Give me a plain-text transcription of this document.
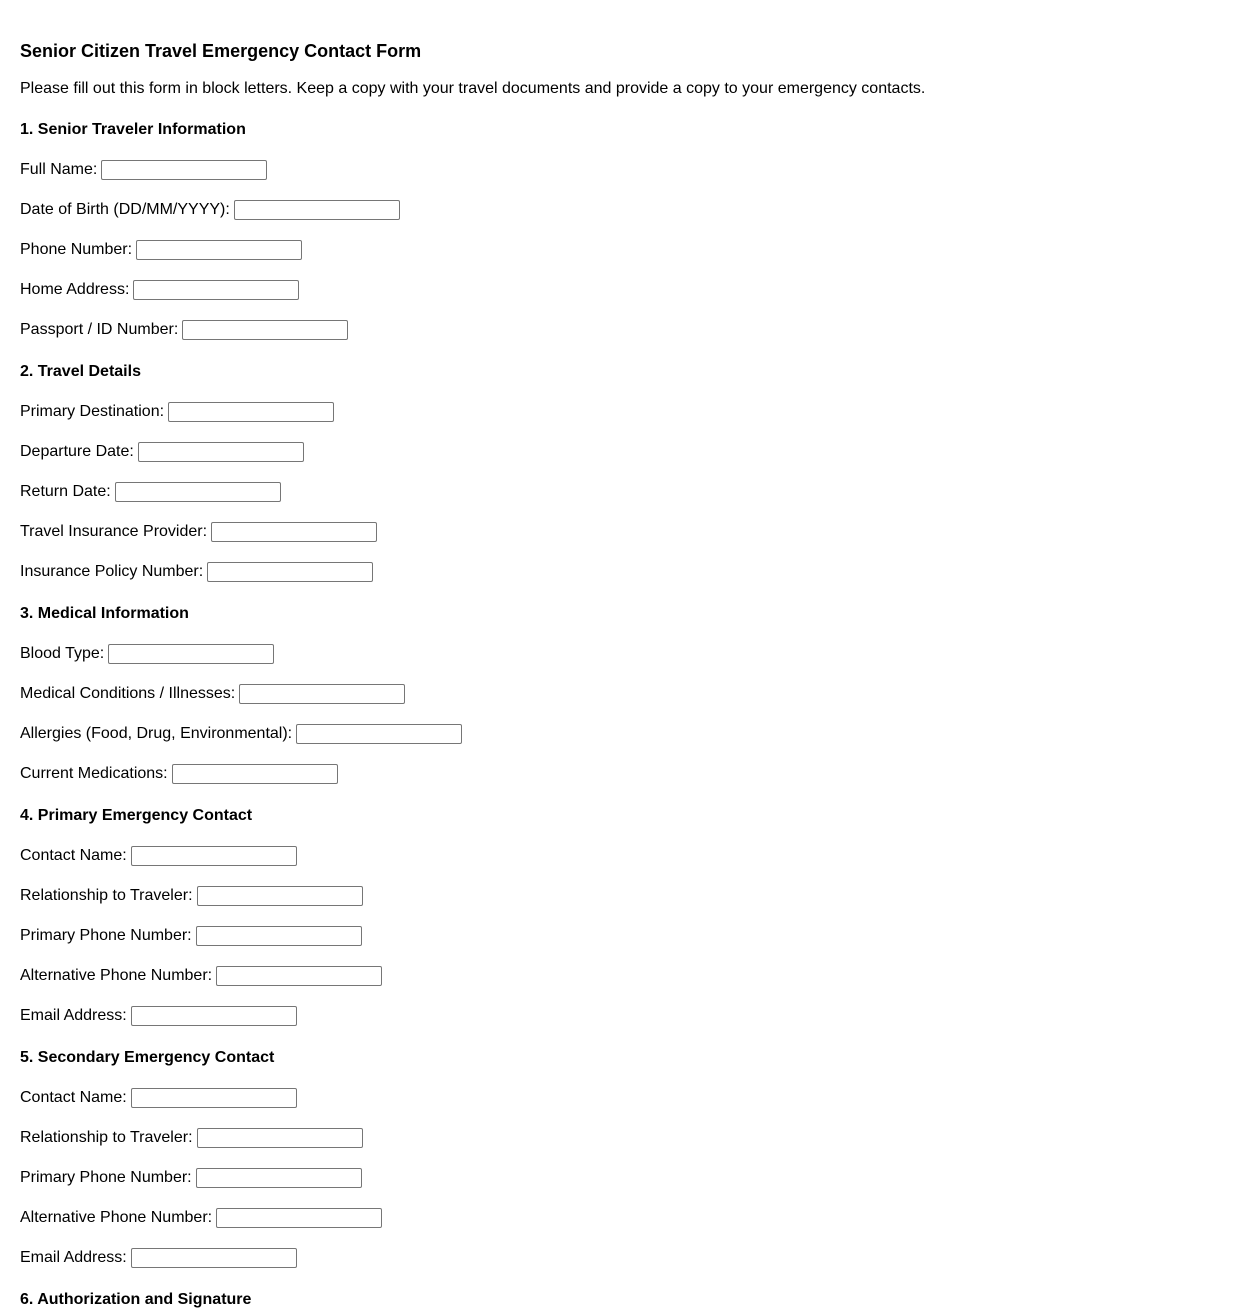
Senior Citizen Travel Emergency Contact Form
Please fill out this form in block letters. Keep a copy with your travel documents and provide a copy to your emergency contacts.
1. Senior Traveler Information
Full Name:
Date of Birth (DD/MM/YYYY):
Phone Number:
Home Address:
Passport / ID Number:
2. Travel Details
Primary Destination:
Departure Date:
Return Date:
Travel Insurance Provider:
Insurance Policy Number:
3. Medical Information
Blood Type:
Medical Conditions / Illnesses:
Allergies (Food, Drug, Environmental):
Current Medications:
4. Primary Emergency Contact
Contact Name:
Relationship to Traveler:
Primary Phone Number:
Alternative Phone Number:
Email Address:
5. Secondary Emergency Contact
Contact Name:
Relationship to Traveler:
Primary Phone Number:
Alternative Phone Number:
Email Address:
6. Authorization and Signature
